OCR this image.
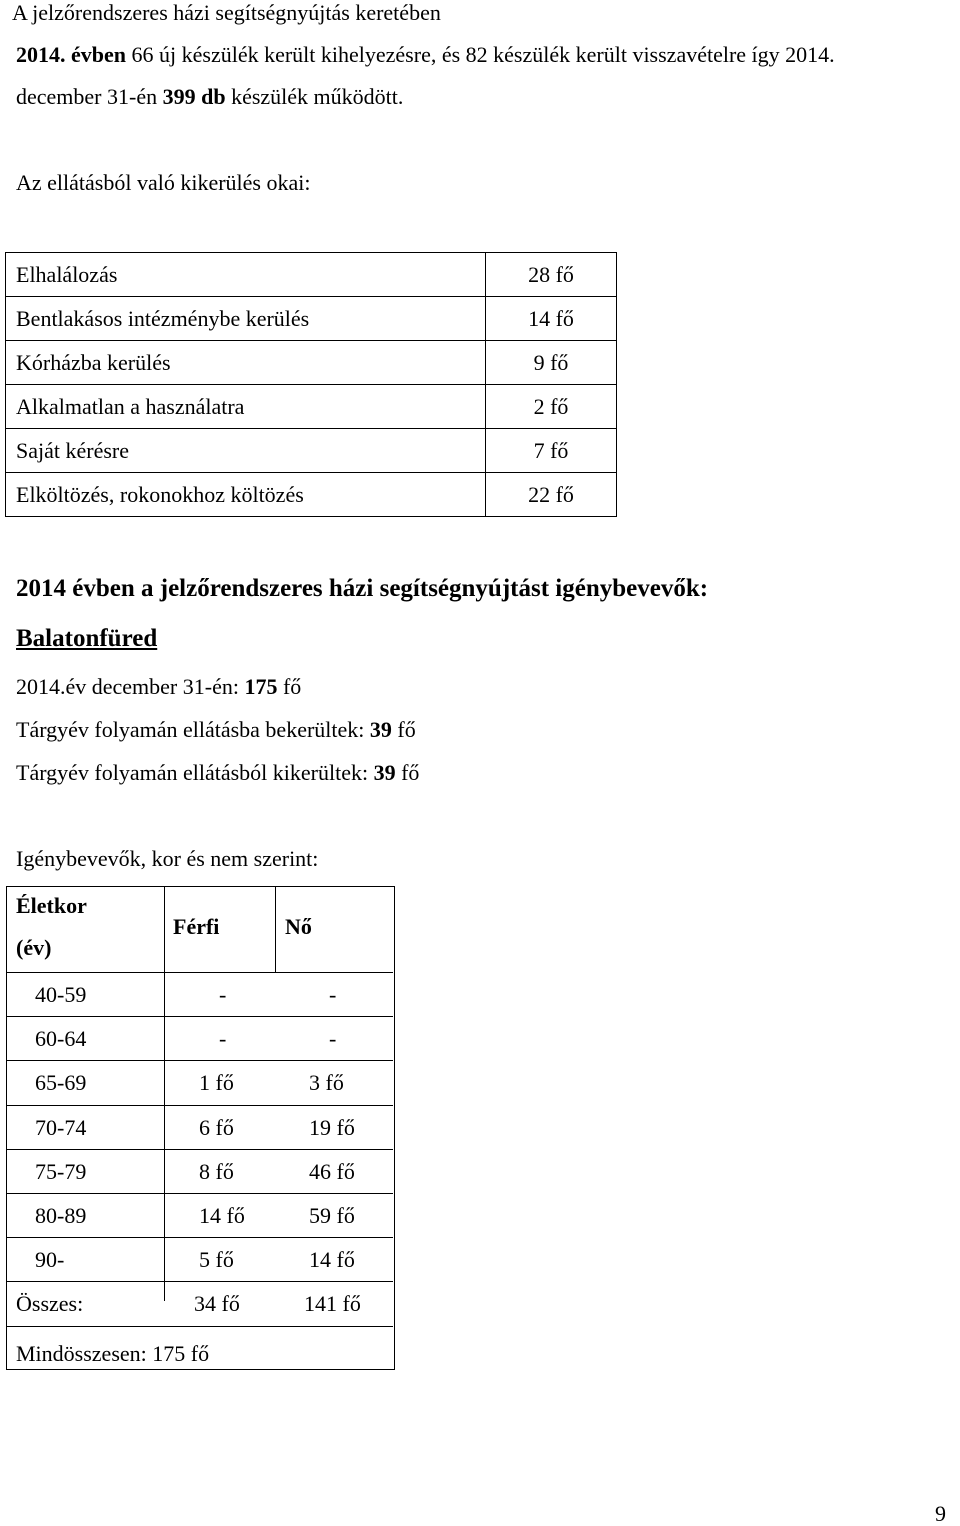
A jelzőrendszeres házi segítségnyújtás keretében
2014. évben 66 új készülék került kihelyezésre, és 82 készülék került visszavételre így 2014.
december 31-én 399 db készülék működött.
Az ellátásból való kikerülés okai:
Elhalálozás	28 fő
Bentlakásos intézménybe kerülés	14 fő
Kórházba kerülés	9 fő
Alkalmatlan a használatra	2 fő
Saját kérésre	7 fő
Elköltözés, rokonokhoz költözés	22 fő
2014 évben a jelzőrendszeres házi segítségnyújtást igénybevevők:
Balatonfüred
2014.év december 31-én: 175 fő
Tárgyév folyamán ellátásba bekerültek: 39 fő
Tárgyév folyamán ellátásból kikerültek: 39 fő
Igénybevevők, kor és nem szerint:
Életkor
(év)
Férfi	Nő
40-59	-	-
60-64	-	-
65-69	1 fő	3 fő
70-74	6 fő	19 fő
75-79	8 fő	46 fő
80-89	14 fő	59 fő
90-	5 fő	14 fő
Összes:	34 fő	141 fő
Mindösszesen: 175 fő
9
